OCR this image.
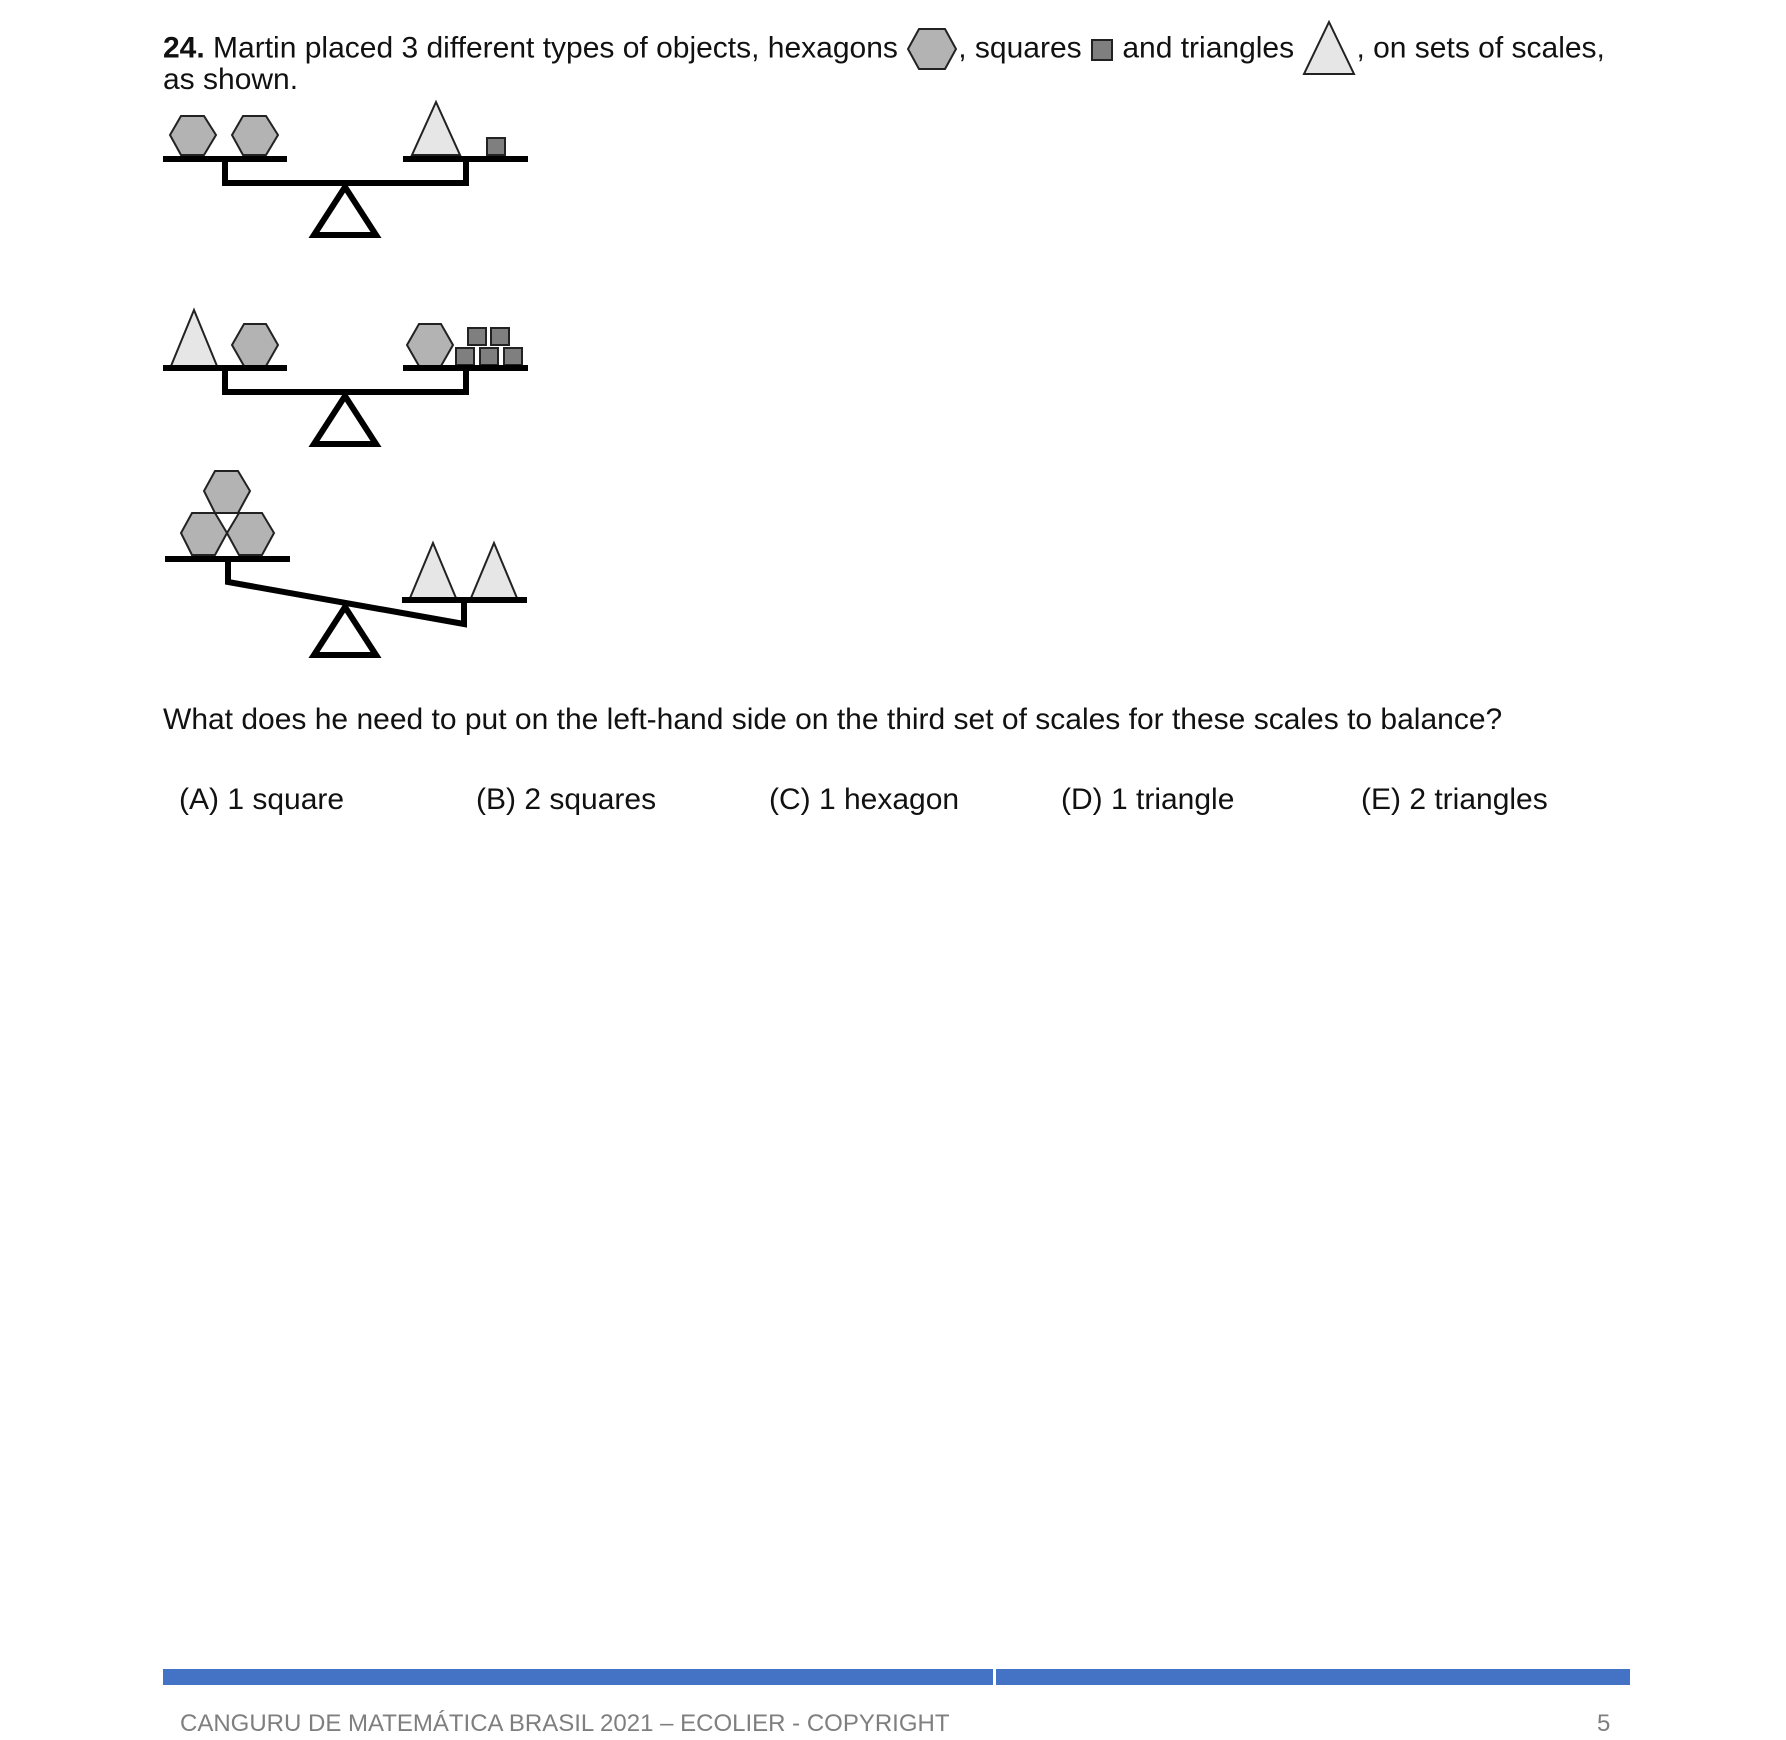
24. Martin placed 3 different types of objects, hexagons , squares  and triangles , on sets of scales,
as shown.
What does he need to put on the left-hand side on the third set of scales for these scales to balance?
(A) 1 square	(B) 2 squares	(C) 1 hexagon	(D) 1 triangle	(E) 2 triangles
CANGURU DE MATEMÁTICA BRASIL 2021 – ECOLIER - COPYRIGHT	5
